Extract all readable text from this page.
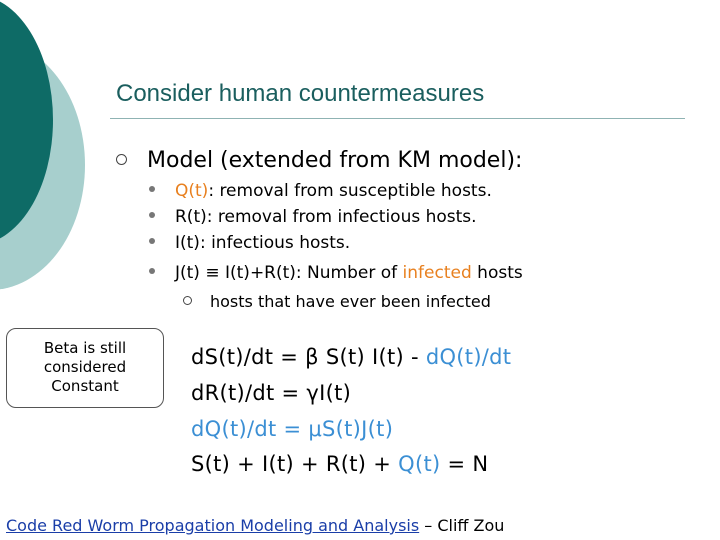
Consider human countermeasures
Model (extended from KM model):
Q(t): removal from susceptible hosts.
R(t): removal from infectious hosts.
I(t): infectious hosts.
J(t) ≡ I(t)+R(t): Number of infected hosts
hosts that have ever been infected
Beta is still
considered
Constant
dS(t)/dt = β S(t) I(t) - dQ(t)/dt
dR(t)/dt = γI(t)
dQ(t)/dt = μS(t)J(t)
S(t) + I(t) + R(t) + Q(t) = N
Code Red Worm Propagation Modeling and Analysis – Cliff Zou
